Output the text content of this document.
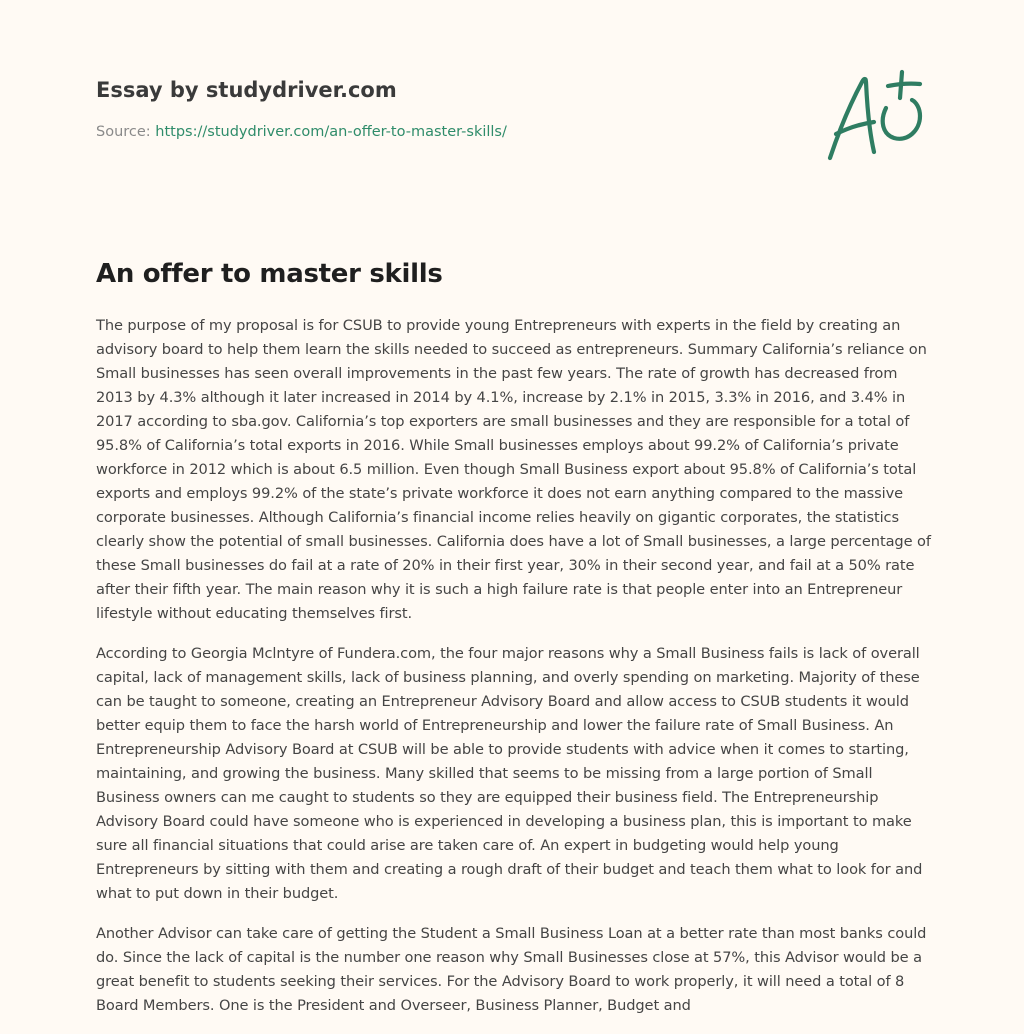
Essay by studydriver.com
Source: https://studydriver.com/an-offer-to-master-skills/
An offer to master skills

The purpose of my proposal is for CSUB to provide young Entrepreneurs with experts in the field by creating an advisory board to help them learn the skills needed to succeed as entrepreneurs. Summary California’s reliance on Small businesses has seen overall improvements in the past few years. The rate of growth has decreased from 2013 by 4.3% although it later increased in 2014 by 4.1%, increase by 2.1% in 2015, 3.3% in 2016, and 3.4% in 2017 according to sba.gov. California’s top exporters are small businesses and they are responsible for a total of 95.8% of California’s total exports in 2016. While Small businesses employs about 99.2% of California’s private workforce in 2012 which is about 6.5 million. Even though Small Business export about 95.8% of California’s total exports and employs 99.2% of the state’s private workforce it does not earn anything compared to the massive corporate businesses. Although California’s financial income relies heavily on gigantic corporates, the statistics clearly show the potential of small businesses. California does have a lot of Small businesses, a large percentage of these Small businesses do fail at a rate of 20% in their first year, 30% in their second year, and fail at a 50% rate after their fifth year. The main reason why it is such a high failure rate is that people enter into an Entrepreneur lifestyle without educating themselves first.

According to Georgia Mclntyre of Fundera.com, the four major reasons why a Small Business fails is lack of overall capital, lack of management skills, lack of business planning, and overly spending on marketing. Majority of these can be taught to someone, creating an Entrepreneur Advisory Board and allow access to CSUB students it would better equip them to face the harsh world of Entrepreneurship and lower the failure rate of Small Business. An Entrepreneurship Advisory Board at CSUB will be able to provide students with advice when it comes to starting, maintaining, and growing the business. Many skilled that seems to be missing from a large portion of Small Business owners can me caught to students so they are equipped their business field. The Entrepreneurship Advisory Board could have someone who is experienced in developing a business plan, this is important to make sure all financial situations that could arise are taken care of. An expert in budgeting would help young Entrepreneurs by sitting with them and creating a rough draft of their budget and teach them what to look for and what to put down in their budget.

Another Advisor can take care of getting the Student a Small Business Loan at a better rate than most banks could do. Since the lack of capital is the number one reason why Small Businesses close at 57%, this Advisor would be a great benefit to students seeking their services. For the Advisory Board to work properly, it will need a total of 8 Board Members. One is the President and Overseer, Business Planner, Budget and
